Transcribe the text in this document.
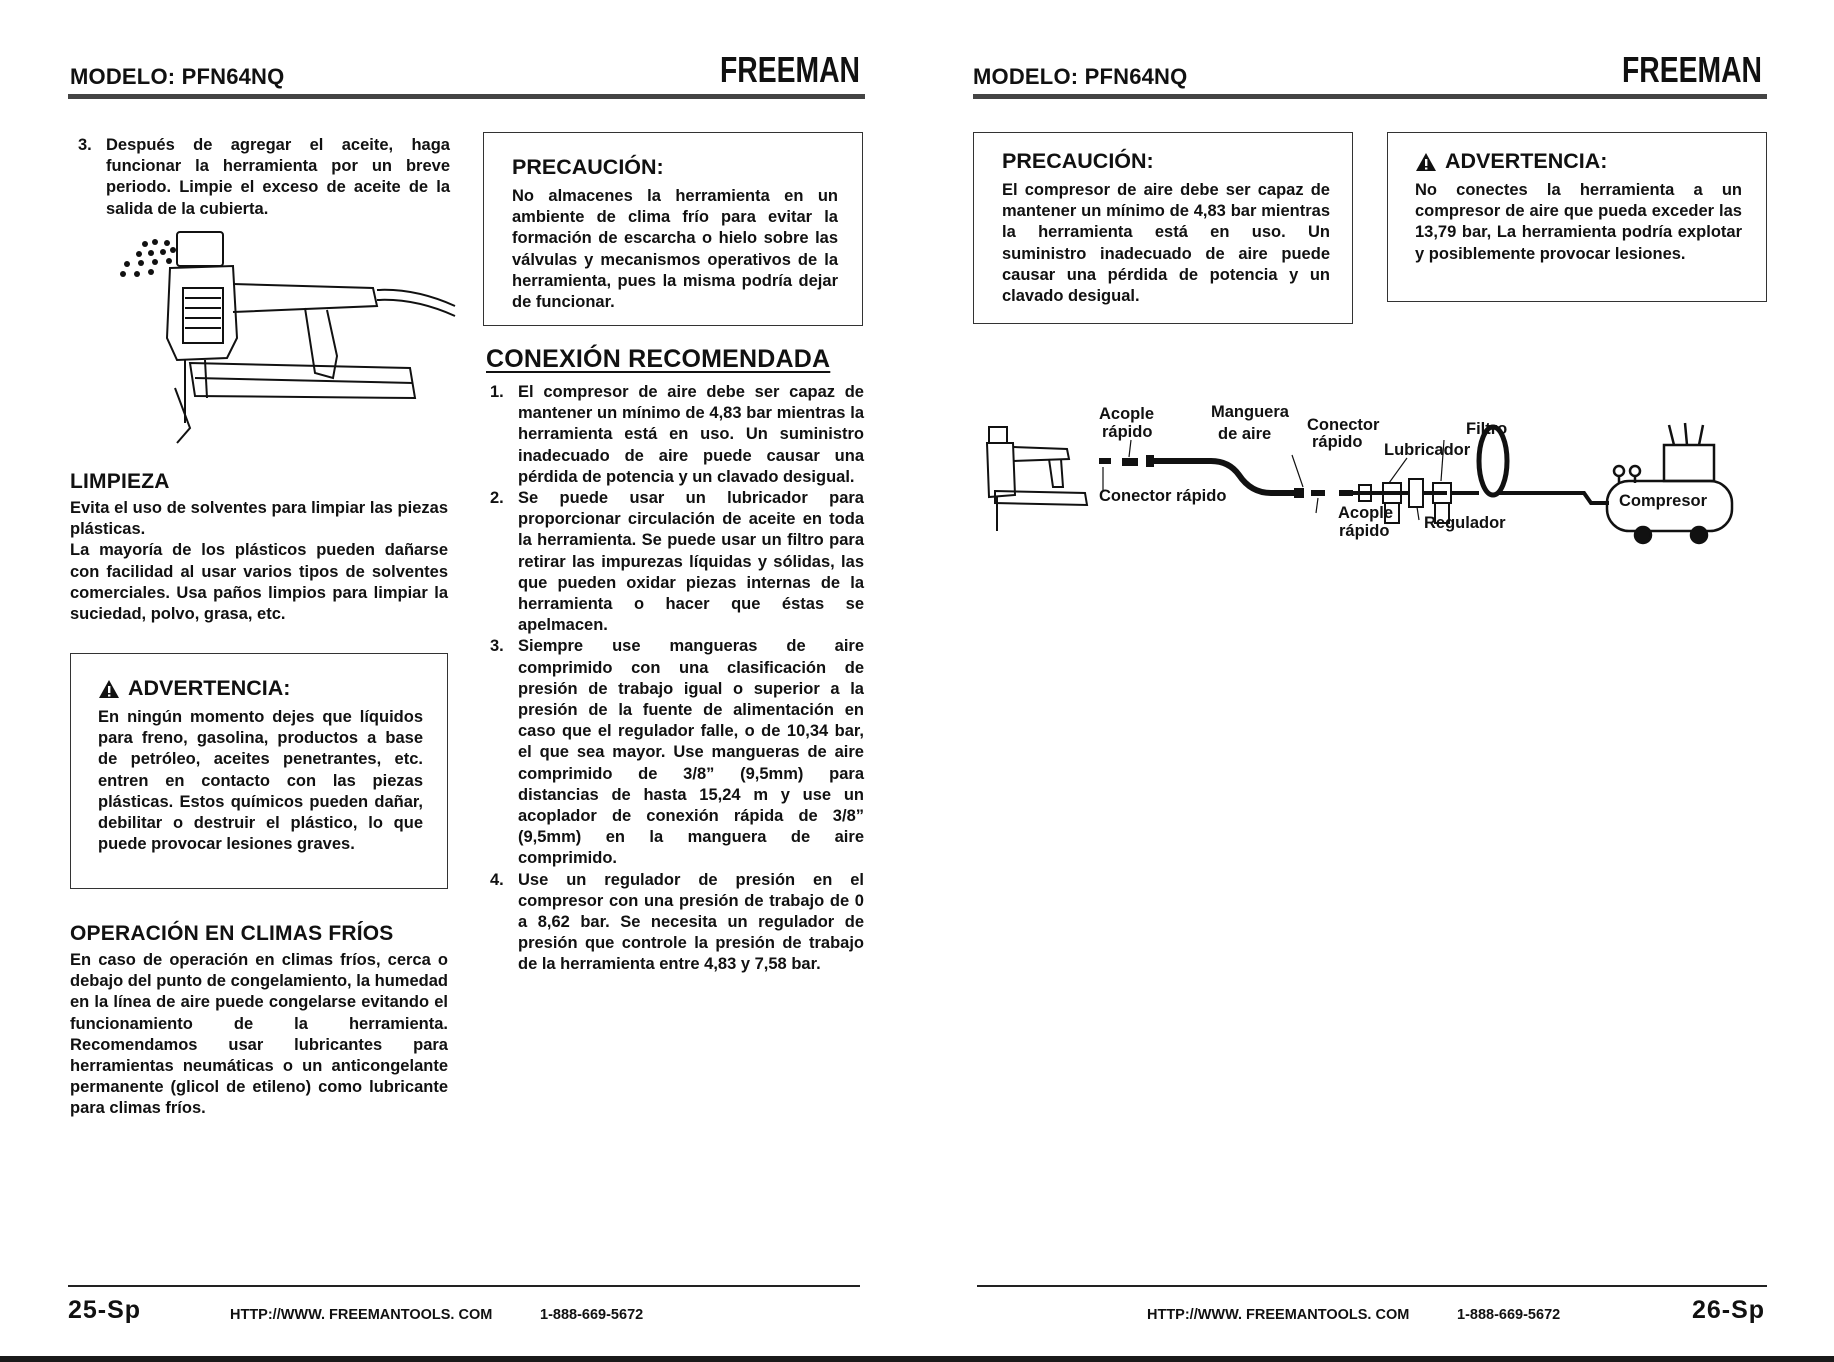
MODELO: PFN64NQ	FREEMAN
3. Después de agregar el aceite, haga funcionar la herramienta por un breve periodo. Limpie el exceso de aceite de la salida de la cubierta.
LIMPIEZA
Evita el uso de solventes para limpiar las piezas plásticas.
La mayoría de los plásticos pueden dañarse con facilidad al usar varios tipos de solventes comerciales. Usa paños limpios para limpiar la suciedad, polvo, grasa, etc.
ADVERTENCIA:
En ningún momento dejes que líquidos para freno, gasolina, productos a base de petróleo, aceites penetrantes, etc. entren en contacto con las piezas plásticas. Estos químicos pueden dañar, debilitar o destruir el plástico, lo que puede provocar lesiones graves.
OPERACIÓN EN CLIMAS FRÍOS
En caso de operación en climas fríos, cerca o debajo del punto de congelamiento, la humedad en la línea de aire puede congelarse evitando el funcionamiento de la herramienta. Recomendamos usar lubricantes para herramientas neumáticas o un anticongelante permanente (glicol de etileno) como lubricante para climas fríos.
PRECAUCIÓN:
No almacenes la herramienta en un ambiente de clima frío para evitar la formación de escarcha o hielo sobre las válvulas y mecanismos operativos de la herramienta, pues la misma podría dejar de funcionar.
CONEXIÓN RECOMENDADA
1. El compresor de aire debe ser capaz de mantener un mínimo de 4,83 bar mientras la herramienta está en uso. Un suministro inadecuado de aire puede causar una pérdida de potencia y un clavado desigual.
2. Se puede usar un lubricador para proporcionar circulación de aceite en toda la herramienta. Se puede usar un filtro para retirar las impurezas líquidas y sólidas, las que pueden oxidar piezas internas de la herramienta o hacer que éstas se apelmacen.
3. Siempre use mangueras de aire comprimido con una clasificación de presión de trabajo igual o superior a la presión de la fuente de alimentación en caso que el regulador falle, o de 10,34 bar, el que sea mayor. Use mangueras de aire comprimido de 3/8” (9,5mm) para distancias de hasta 15,24 m y use un acoplador de conexión rápida de 3/8” (9,5mm) en la manguera de aire comprimido.
4. Use un regulador de presión en el compresor con una presión de trabajo de 0 a 8,62 bar. Se necesita un regulador de presión que controle la presión de trabajo de la herramienta entre 4,83 y 7,58 bar.
25-Sp	HTTP://WWW. FREEMANTOOLS. COM	1-888-669-5672
MODELO: PFN64NQ	FREEMAN
PRECAUCIÓN:
El compresor de aire debe ser capaz de mantener un mínimo de 4,83 bar mientras la herramienta está en uso. Un suministro inadecuado de aire puede causar una pérdida de potencia y un clavado desigual.
ADVERTENCIA:
No conectes la herramienta a un compresor de aire que pueda exceder las 13,79 bar, La herramienta podría explotar y posiblemente provocar lesiones.
Acople
rápido
Manguera
de aire Conector
rápido
Filtro
Lubricador
Conector rápido
Acople
rápido Regulador
Compresor
HTTP://WWW. FREEMANTOOLS. COM	1-888-669-5672	26-Sp
